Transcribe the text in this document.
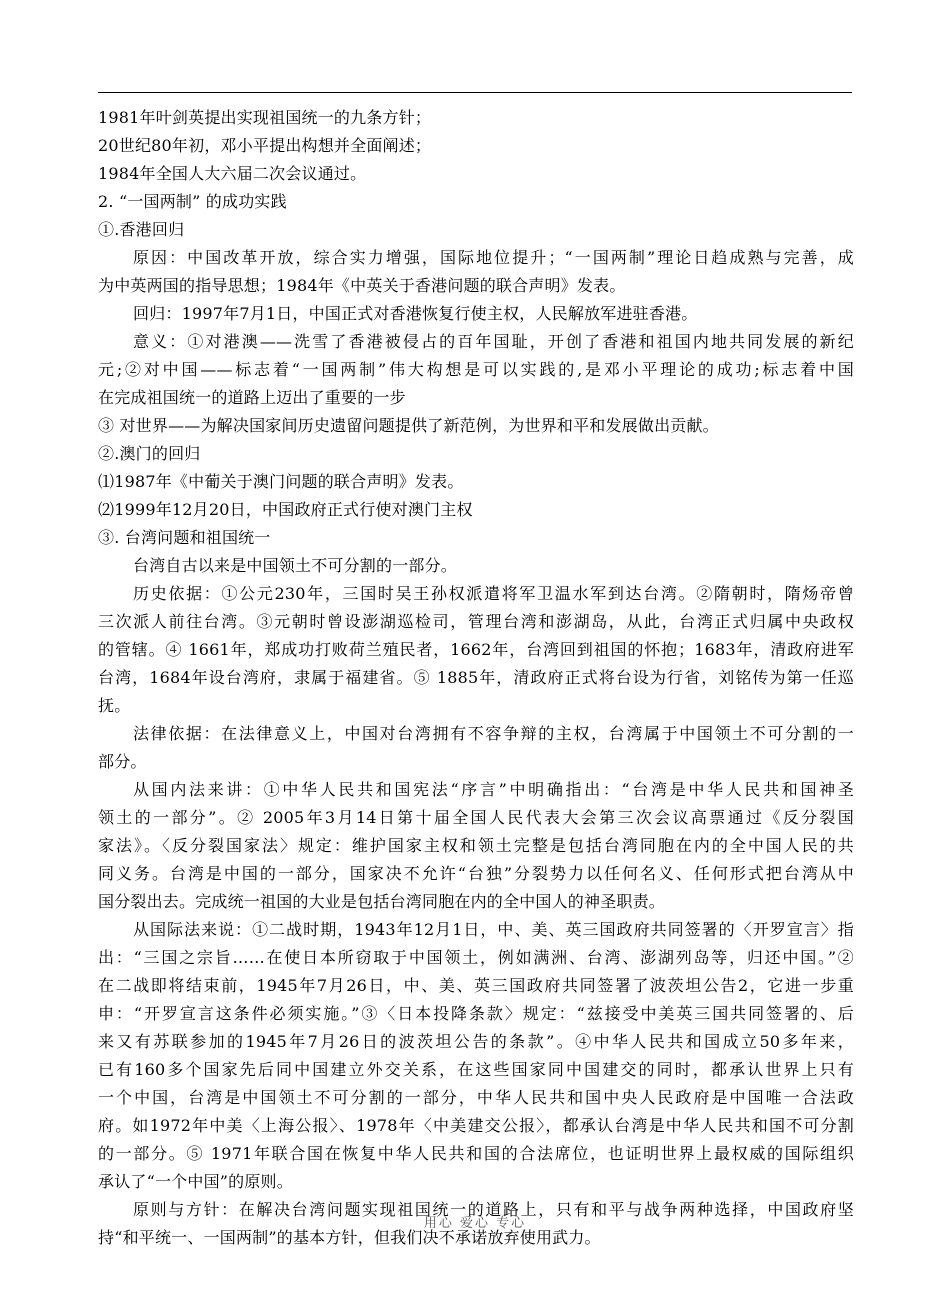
1981年叶剑英提出实现祖国统一的九条方针；
20世纪80年初，邓小平提出构想并全面阐述；
1984年全国人大六届二次会议通过。
2. “一国两制” 的成功实践
①.香港回归
原因：中国改革开放，综合实力增强，国际地位提升；“一国两制”理论日趋成熟与完善，成
为中英两国的指导思想；1984年《中英关于香港问题的联合声明》发表。
回归：1997年7月1日，中国正式对香港恢复行使主权，人民解放军进驻香港。
意义：①对港澳——洗雪了香港被侵占的百年国耻，开创了香港和祖国内地共同发展的新纪
元;②对中国——标志着“一国两制”伟大构想是可以实践的,是邓小平理论的成功;标志着中国
在完成祖国统一的道路上迈出了重要的一步
③ 对世界——为解决国家间历史遗留问题提供了新范例，为世界和平和发展做出贡献。
②.澳门的回归
⑴1987年《中葡关于澳门问题的联合声明》发表。
⑵1999年12月20日，中国政府正式行使对澳门主权
③. 台湾问题和祖国统一
台湾自古以来是中国领土不可分割的一部分。
历史依据：①公元230年，三国时吴王孙权派遣将军卫温水军到达台湾。②隋朝时，隋炀帝曾
三次派人前往台湾。③元朝时曾设澎湖巡检司，管理台湾和澎湖岛，从此，台湾正式归属中央政权
的管辖。④ 1661年，郑成功打败荷兰殖民者，1662年，台湾回到祖国的怀抱；1683年，清政府进军
台湾，1684年设台湾府，隶属于福建省。⑤ 1885年，清政府正式将台设为行省，刘铭传为第一任巡
抚。
法律依据：在法律意义上，中国对台湾拥有不容争辩的主权，台湾属于中国领土不可分割的一
部分。
从国内法来讲：①中华人民共和国宪法“序言”中明确指出：“台湾是中华人民共和国神圣
领土的一部分”。② 2005年3月14日第十届全国人民代表大会第三次会议高票通过《反分裂国
家法》。〈反分裂国家法〉规定：维护国家主权和领土完整是包括台湾同胞在内的全中国人民的共
同义务。台湾是中国的一部分，国家决不允许“台独”分裂势力以任何名义、任何形式把台湾从中
国分裂出去。完成统一祖国的大业是包括台湾同胞在内的全中国人的神圣职责。
从国际法来说：①二战时期，1943年12月1日，中、美、英三国政府共同签署的〈开罗宣言〉指
出：“三国之宗旨……在使日本所窃取于中国领土，例如满洲、台湾、澎湖列岛等，归还中国。”②
在二战即将结束前，1945年7月26日，中、美、英三国政府共同签署了波茨坦公告2，它进一步重
申：“开罗宣言这条件必须实施。”③〈日本投降条款〉规定：“兹接受中美英三国共同签署的、后
来又有苏联参加的1945年7月26日的波茨坦公告的条款”。④中华人民共和国成立50多年来，
已有160多个国家先后同中国建立外交关系，在这些国家同中国建交的同时，都承认世界上只有
一个中国，台湾是中国领土不可分割的一部分，中华人民共和国中央人民政府是中国唯一合法政
府。如1972年中美〈上海公报〉、1978年〈中美建交公报〉，都承认台湾是中华人民共和国不可分割
的一部分。⑤ 1971年联合国在恢复中华人民共和国的合法席位，也证明世界上最权威的国际组织
承认了“一个中国”的原则。
原则与方针：在解决台湾问题实现祖国统一的道路上，只有和平与战争两种选择，中国政府坚
持“和平统一、一国两制”的基本方针，但我们决不承诺放弃使用武力。
用心 爱心 专心
